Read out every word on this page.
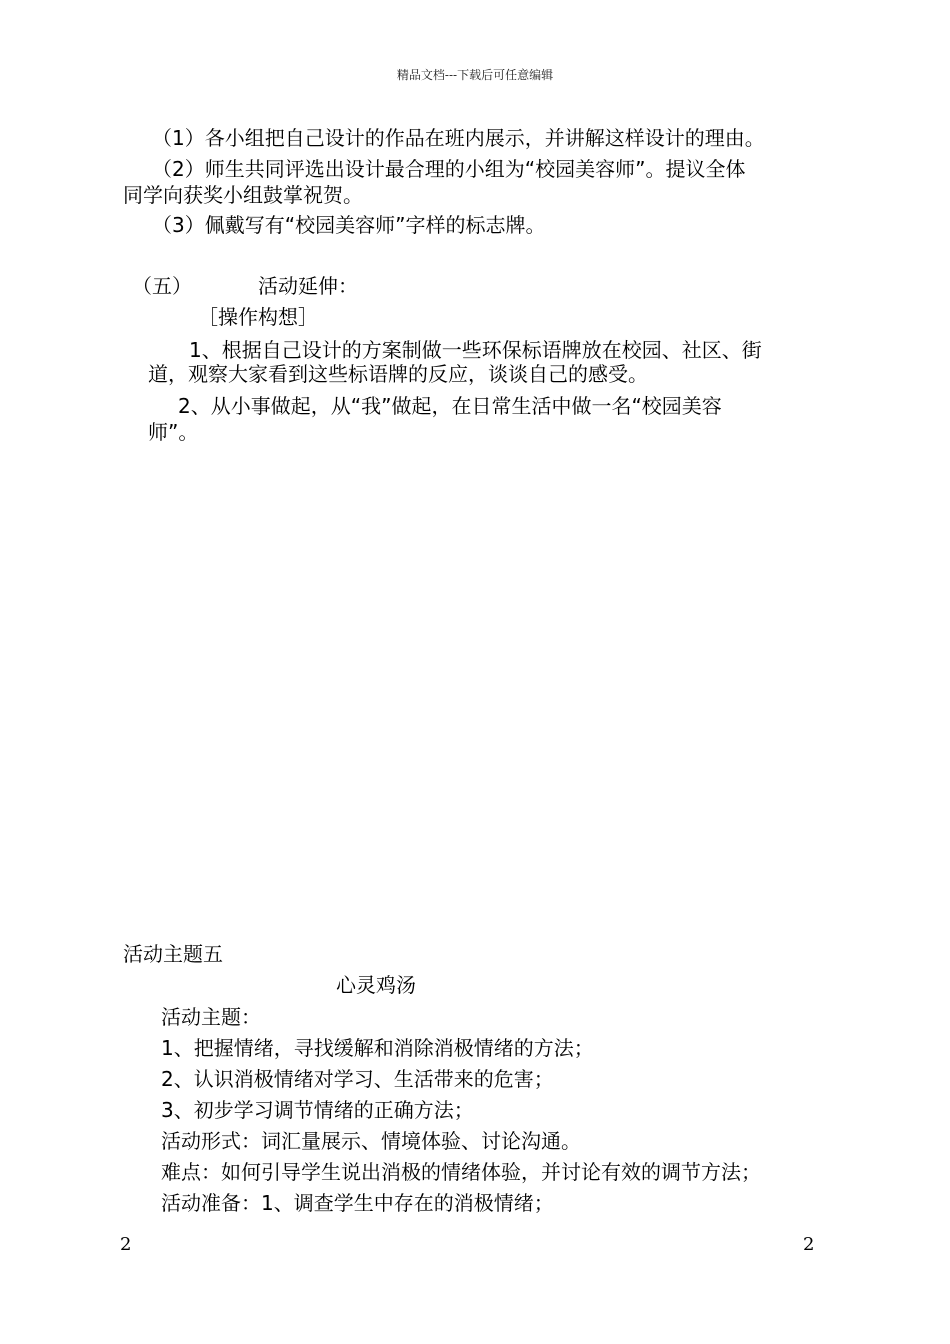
精品文档---下载后可任意编辑
（1）各小组把自己设计的作品在班内展示，并讲解这样设计的理由。
（2）师生共同评选出设计最合理的小组为“校园美容师”。提议全体
同学向获奖小组鼓掌祝贺。
（3）佩戴写有“校园美容师”字样的标志牌。
（五）	活动延伸：
［操作构想］
1、根据自己设计的方案制做一些环保标语牌放在校园、社区、街
道，观察大家看到这些标语牌的反应，谈谈自己的感受。
2、从小事做起，从“我”做起，在日常生活中做一名“校园美容
师”。
活动主题五
心灵鸡汤
活动主题：
1、把握情绪，寻找缓解和消除消极情绪的方法；
2、认识消极情绪对学习、生活带来的危害；
3、初步学习调节情绪的正确方法；
活动形式：词汇量展示、情境体验、讨论沟通。
难点：如何引导学生说出消极的情绪体验，并讨论有效的调节方法；
活动准备：1、调查学生中存在的消极情绪；
2	2
